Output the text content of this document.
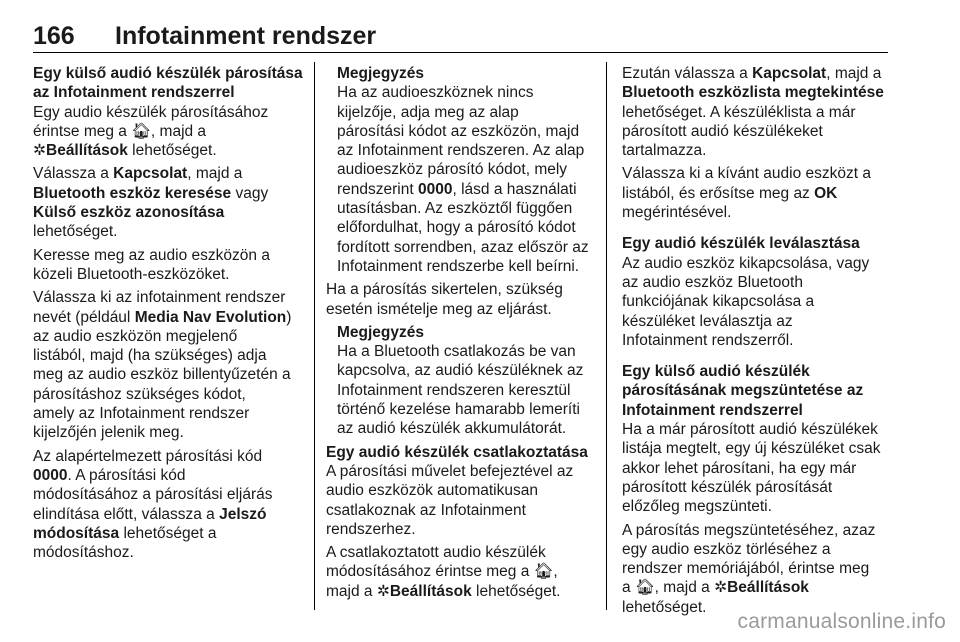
166 Infotainment rendszer

Egy külső audió készülék párosítása
az Infotainment rendszerrel

Egy audio készülék párosításához
érintse meg a 🏠︎, majd a
✲Beállítások lehetőséget.

Válassza a Kapcsolat, majd a
Bluetooth eszköz keresése vagy
Külső eszköz azonosítása
lehetőséget.

Keresse meg az audio eszközön a
közeli Bluetooth-eszközöket.

Válassza ki az infotainment rendszer
nevét (például Media Nav Evolution)
az audio eszközön megjelenő
listából, majd (ha szükséges) adja
meg az audio eszköz billentyűzetén a
párosításhoz szükséges kódot,
amely az Infotainment rendszer
kijelzőjén jelenik meg.

Az alapértelmezett párosítási kód
0000. A párosítási kód
módosításához a párosítási eljárás
elindítása előtt, válassza a Jelszó
módosítása lehetőséget a
módosításhoz.

Megjegyzés
Ha az audioeszköznek nincs
kijelzője, adja meg az alap
párosítási kódot az eszközön, majd
az Infotainment rendszeren. Az alap
audioeszköz párosító kódot, mely
rendszerint 0000, lásd a használati
utasításban. Az eszköztől függően
előfordulhat, hogy a párosító kódot
fordított sorrendben, azaz először az
Infotainment rendszerbe kell beírni.

Ha a párosítás sikertelen, szükség
esetén ismételje meg az eljárást.

Megjegyzés
Ha a Bluetooth csatlakozás be van
kapcsolva, az audió készüléknek az
Infotainment rendszeren keresztül
történő kezelése hamarabb lemeríti
az audió készülék akkumulátorát.

Egy audió készülék csatlakoztatása

A párosítási művelet befejeztével az
audio eszközök automatikusan
csatlakoznak az Infotainment
rendszerhez.

A csatlakoztatott audio készülék
módosításához érintse meg a 🏠︎,
majd a ✲Beállítások lehetőséget.

Ezután válassza a Kapcsolat, majd a
Bluetooth eszközlista megtekintése
lehetőséget. A készüléklista a már
párosított audió készülékeket
tartalmazza.

Válassza ki a kívánt audio eszközt a
listából, és erősítse meg az OK
megérintésével.

Egy audió készülék leválasztása

Az audio eszköz kikapcsolása, vagy
az audio eszköz Bluetooth
funkciójának kikapcsolása a
készüléket leválasztja az
Infotainment rendszerről.

Egy külső audió készülék
párosításának megszüntetése az
Infotainment rendszerrel

Ha a már párosított audió készülékek
listája megtelt, egy új készüléket csak
akkor lehet párosítani, ha egy már
párosított készülék párosítását
előzőleg megszünteti.

A párosítás megszüntetéséhez, azaz
egy audio eszköz törléséhez a
rendszer memóriájából, érintse meg
a 🏠︎, majd a ✲Beállítások
lehetőséget.

carmanualsonline.info
